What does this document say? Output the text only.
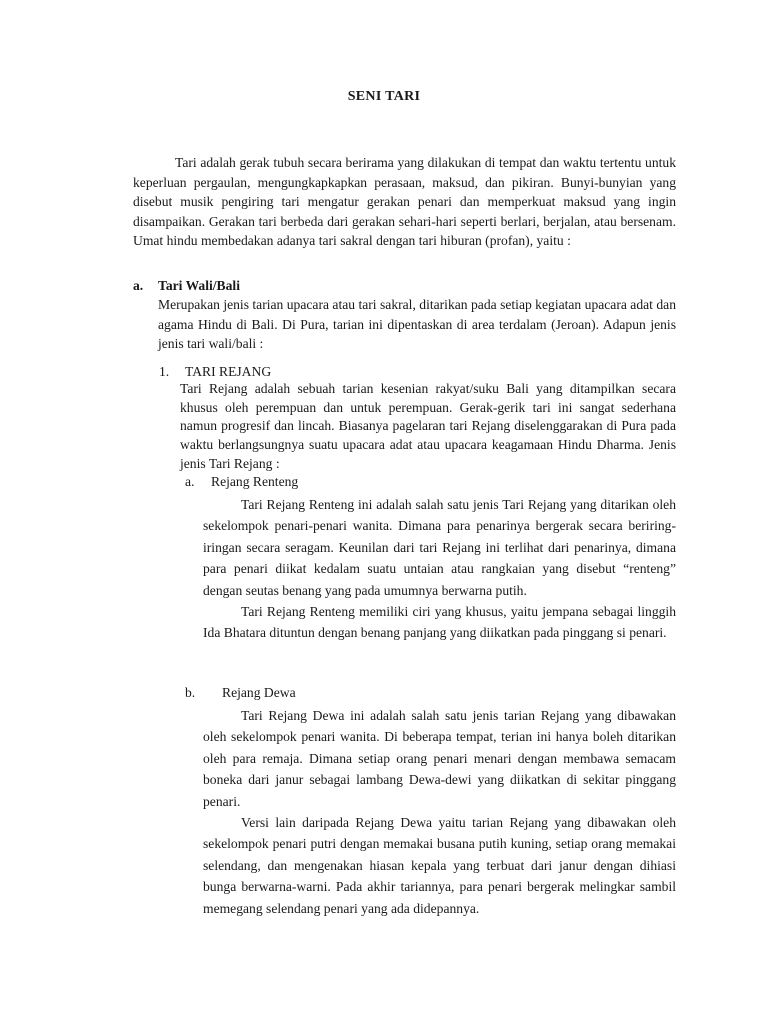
SENI TARI

Tari adalah gerak tubuh secara berirama yang dilakukan di tempat dan waktu tertentu untuk keperluan pergaulan, mengungkapkapkan perasaan, maksud, dan pikiran. Bunyi-bunyian yang disebut musik pengiring tari mengatur gerakan penari dan memperkuat maksud yang ingin disampaikan. Gerakan tari berbeda dari gerakan sehari-hari seperti berlari, berjalan, atau bersenam. Umat hindu membedakan adanya tari sakral dengan tari hiburan (profan), yaitu :

a. Tari Wali/Bali

Merupakan jenis tarian upacara atau tari sakral, ditarikan pada setiap kegiatan upacara adat dan agama Hindu di Bali. Di Pura, tarian ini dipentaskan di area terdalam (Jeroan). Adapun jenis jenis tari wali/bali :

1. TARI REJANG

Tari Rejang adalah sebuah tarian kesenian rakyat/suku Bali yang ditampilkan secara khusus oleh perempuan dan untuk perempuan. Gerak-gerik tari ini sangat sederhana namun progresif dan lincah. Biasanya pagelaran tari Rejang diselenggarakan di Pura pada waktu berlangsungnya suatu upacara adat atau upacara keagamaan Hindu Dharma. Jenis jenis Tari Rejang :

a. Rejang Renteng

Tari Rejang Renteng ini adalah salah satu jenis Tari Rejang yang ditarikan oleh sekelompok penari-penari wanita. Dimana para penarinya bergerak secara beriring-iringan secara seragam. Keunilan dari tari Rejang ini terlihat dari penarinya, dimana para penari diikat kedalam suatu untaian atau rangkaian yang disebut “renteng” dengan seutas benang yang pada umumnya berwarna putih.

Tari Rejang Renteng memiliki ciri yang khusus, yaitu jempana sebagai linggih Ida Bhatara dituntun dengan benang panjang yang diikatkan pada pinggang si penari.

b. Rejang Dewa

Tari Rejang Dewa ini adalah salah satu jenis tarian Rejang yang dibawakan oleh sekelompok penari wanita. Di beberapa tempat, terian ini hanya boleh ditarikan oleh para remaja. Dimana setiap orang penari menari dengan membawa semacam boneka dari janur sebagai lambang Dewa-dewi yang diikatkan di sekitar pinggang penari.

Versi lain daripada Rejang Dewa yaitu tarian Rejang yang dibawakan oleh sekelompok penari putri dengan memakai busana putih kuning, setiap orang memakai selendang, dan mengenakan hiasan kepala yang terbuat dari janur dengan dihiasi bunga berwarna-warni. Pada akhir tariannya, para penari bergerak melingkar sambil memegang selendang penari yang ada didepannya.
